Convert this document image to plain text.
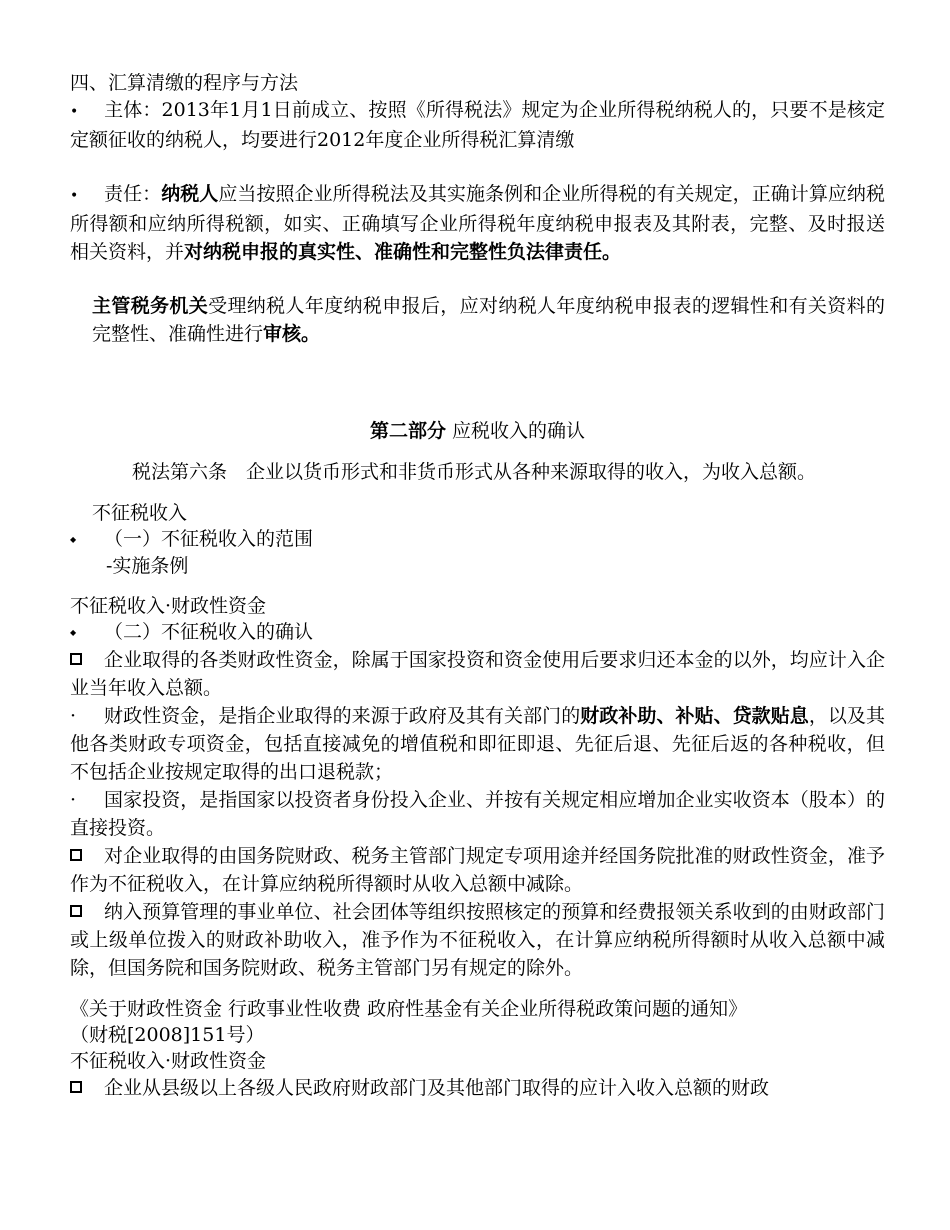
四、汇算清缴的程序与方法

•主体：2013年1月1日前成立、按照《所得税法》规定为企业所得税纳税人的，只要不是核定定额征收的纳税人，均要进行2012年度企业所得税汇算清缴

•责任：纳税人应当按照企业所得税法及其实施条例和企业所得税的有关规定，正确计算应纳税所得额和应纳所得税额，如实、正确填写企业所得税年度纳税申报表及其附表，完整、及时报送相关资料，并对纳税申报的真实性、准确性和完整性负法律责任。

主管税务机关受理纳税人年度纳税申报后，应对纳税人年度纳税申报表的逻辑性和有关资料的完整性、准确性进行审核。

第二部分 应税收入的确认

税法第六条　企业以货币形式和非货币形式从各种来源取得的收入，为收入总额。

不征税收入

◆（一）不征税收入的范围

-实施条例

不征税收入·财政性资金

◆（二）不征税收入的确认

企业取得的各类财政性资金，除属于国家投资和资金使用后要求归还本金的以外，均应计入企业当年收入总额。

·财政性资金，是指企业取得的来源于政府及其有关部门的财政补助、补贴、贷款贴息，以及其他各类财政专项资金，包括直接减免的增值税和即征即退、先征后退、先征后返的各种税收，但不包括企业按规定取得的出口退税款；

·国家投资，是指国家以投资者身份投入企业、并按有关规定相应增加企业实收资本（股本）的直接投资。

对企业取得的由国务院财政、税务主管部门规定专项用途并经国务院批准的财政性资金，准予作为不征税收入，在计算应纳税所得额时从收入总额中减除。

纳入预算管理的事业单位、社会团体等组织按照核定的预算和经费报领关系收到的由财政部门或上级单位拨入的财政补助收入，准予作为不征税收入，在计算应纳税所得额时从收入总额中减除，但国务院和国务院财政、税务主管部门另有规定的除外。

《关于财政性资金 行政事业性收费 政府性基金有关企业所得税政策问题的通知》

（财税[2008]151号）

不征税收入·财政性资金

企业从县级以上各级人民政府财政部门及其他部门取得的应计入收入总额的财政
